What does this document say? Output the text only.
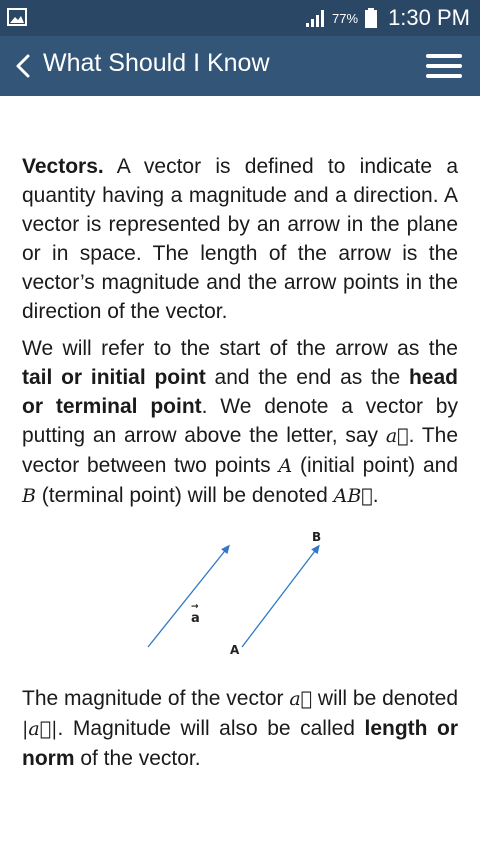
77% 1:30 PM
What Should I Know

Vectors. A vector is defined to indicate a quantity having a magnitude and a direction. A vector is represented by an arrow in the plane or in space. The length of the arrow is the vector’s magnitude and the arrow points in the direction of the vector.

We will refer to the start of the arrow as the tail or initial point and the end as the head or terminal point. We denote a vector by putting an arrow above the letter, say a⃗. The vector between two points A (initial point) and B (terminal point) will be denoted AB⃗.

→
a
A
B

The magnitude of the vector a⃗ will be denoted |a⃗|. Magnitude will also be called length or norm of the vector.
